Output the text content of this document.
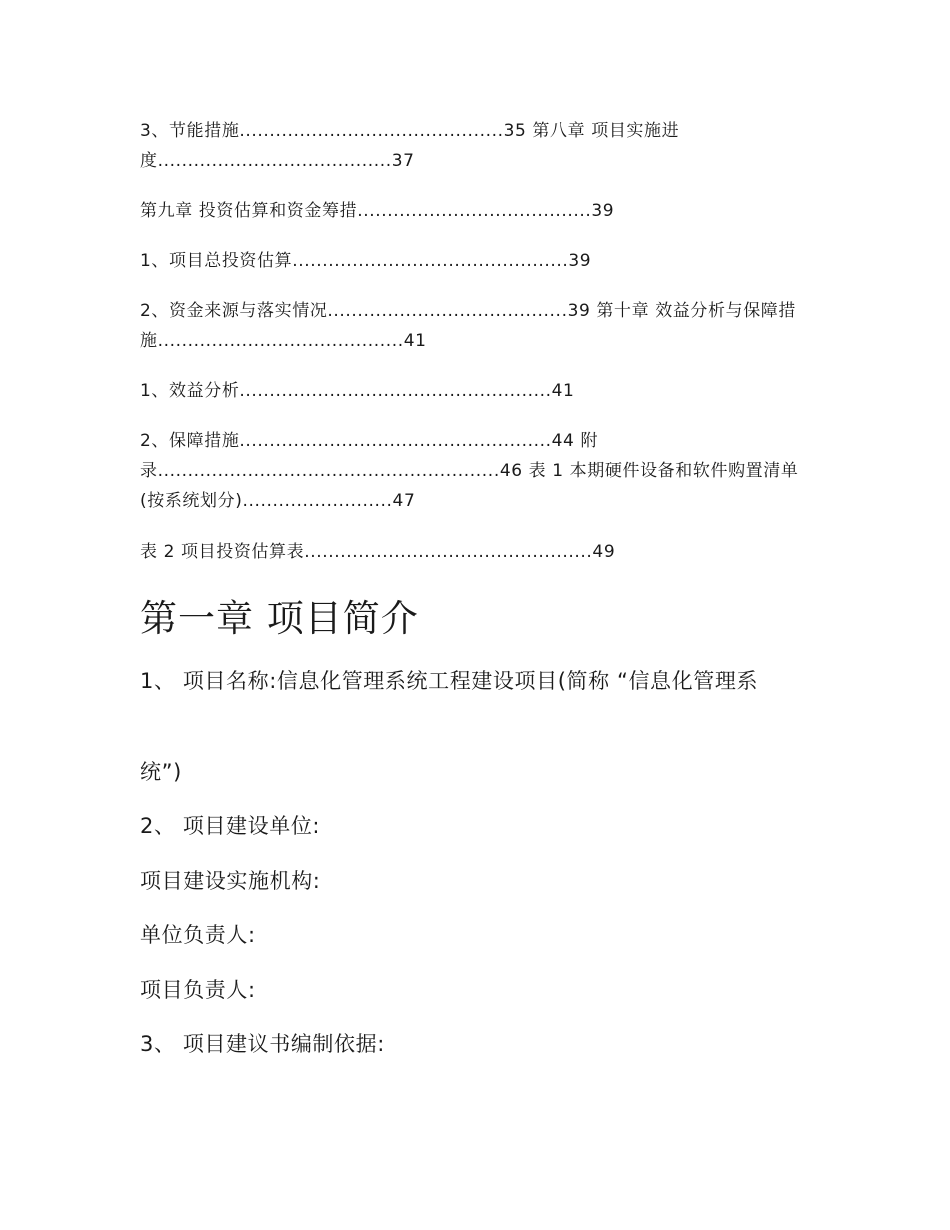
3、节能措施............................................35 第八章 项目实施进度.......................................37
第九章 投资估算和资金筹措.......................................39
1、项目总投资估算..............................................39
2、资金来源与落实情况........................................39 第十章 效益分析与保障措施.........................................41
1、效益分析....................................................41
2、保障措施....................................................44 附录.........................................................46 表 1 本期硬件设备和软件购置清单(按系统划分).........................47
表 2 项目投资估算表................................................49
第一章 项目简介
1、 项目名称:信息化管理系统工程建设项目(简称 “信息化管理系
统”)
2、 项目建设单位:
项目建设实施机构:
单位负责人:
项目负责人:
3、 项目建议书编制依据:
